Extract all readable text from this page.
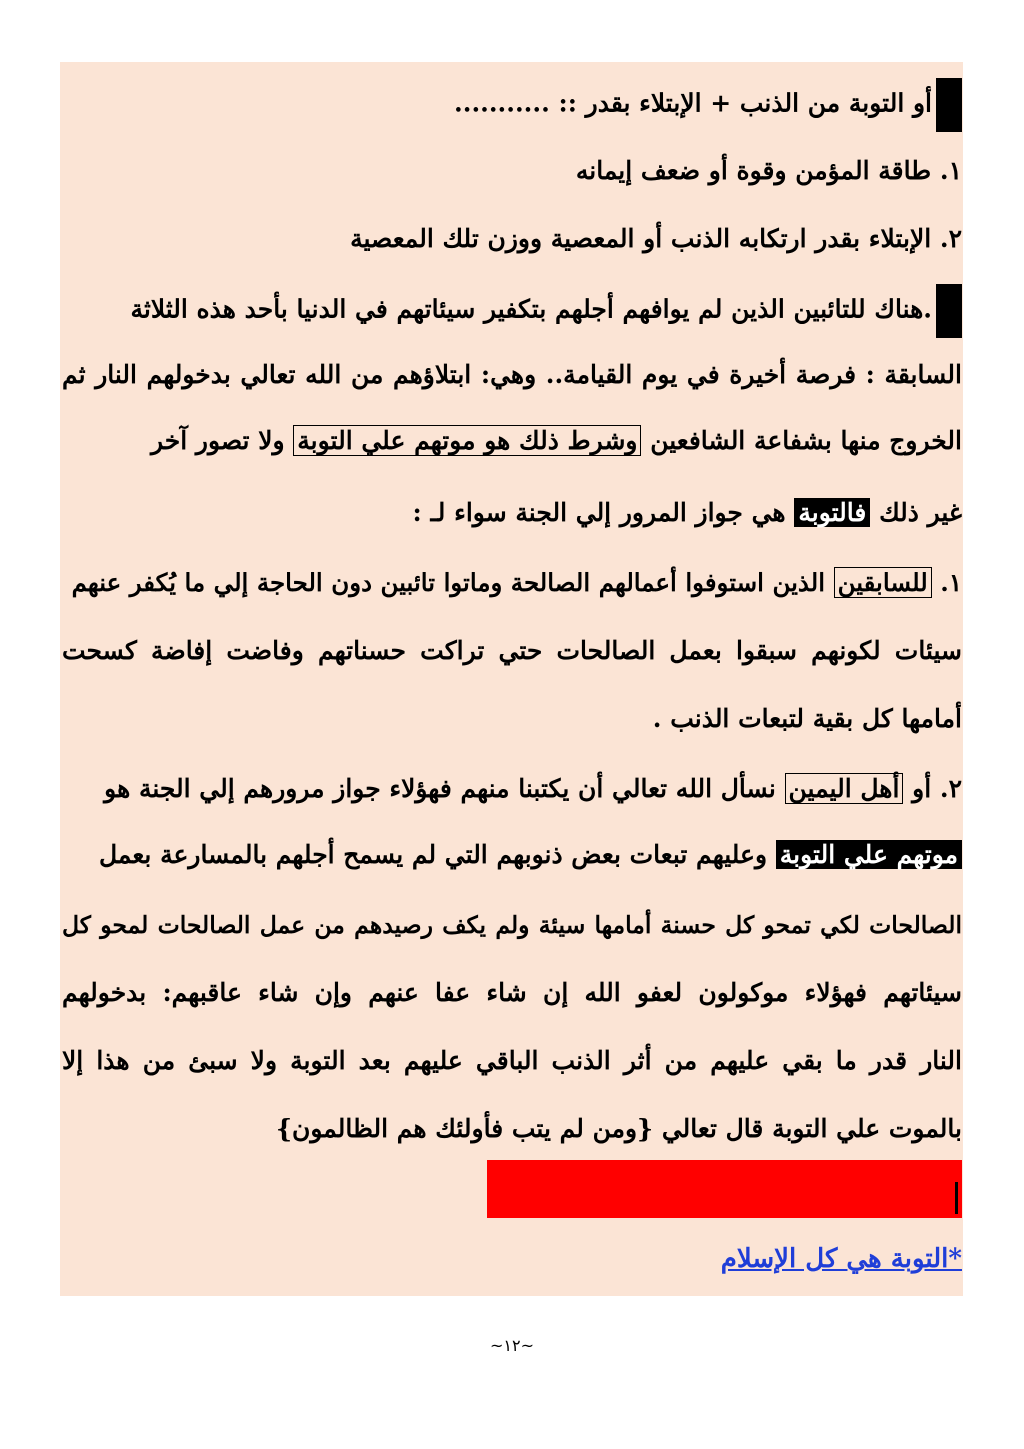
أو التوبة من الذنب + الإبتلاء بقدر :: ...........
١. طاقة المؤمن وقوة أو ضعف إيمانه
٢. الإبتلاء بقدر ارتكابه الذنب أو المعصية ووزن تلك المعصية
.هناك للتائبين الذين لم يوافهم أجلهم بتكفير سيئاتهم في الدنيا بأحد هذه الثلاثة
السابقة : فرصة أخيرة في يوم القيامة.. وهي: ابتلاؤهم من الله تعالي بدخولهم النار ثم
الخروج منها بشفاعة الشافعين وشرط ذلك هو موتهم علي التوبة ولا تصور آخر
غير ذلك فالتوبة هي جواز المرور إلي الجنة سواء لـ :
١. للسابقين الذين استوفوا أعمالهم الصالحة وماتوا تائبين دون الحاجة إلي ما يُكفر عنهم
سيئات لكونهم سبقوا بعمل الصالحات حتي تراكت حسناتهم وفاضت إفاضة كسحت
أمامها كل بقية لتبعات الذنب .
٢. أو أهل اليمين نسأل الله تعالي أن يكتبنا منهم فهؤلاء جواز مرورهم إلي الجنة هو
موتهم علي التوبة وعليهم تبعات بعض ذنوبهم التي لم يسمح أجلهم بالمسارعة بعمل
الصالحات لكي تمحو كل حسنة أمامها سيئة ولم يكف رصيدهم من عمل الصالحات لمحو كل
سيئاتهم فهؤلاء موكولون لعفو الله إن شاء عفا عنهم وإن شاء عاقبهم: بدخولهم
النار قدر ما بقي عليهم من أثر الذنب الباقي عليهم بعد التوبة ولا سبئ من هذا إلا
بالموت علي التوبة قال تعالي {ومن لم يتب فأولئك هم الظالمون}
*التوبة هي كل الإسلام
~١٢~
